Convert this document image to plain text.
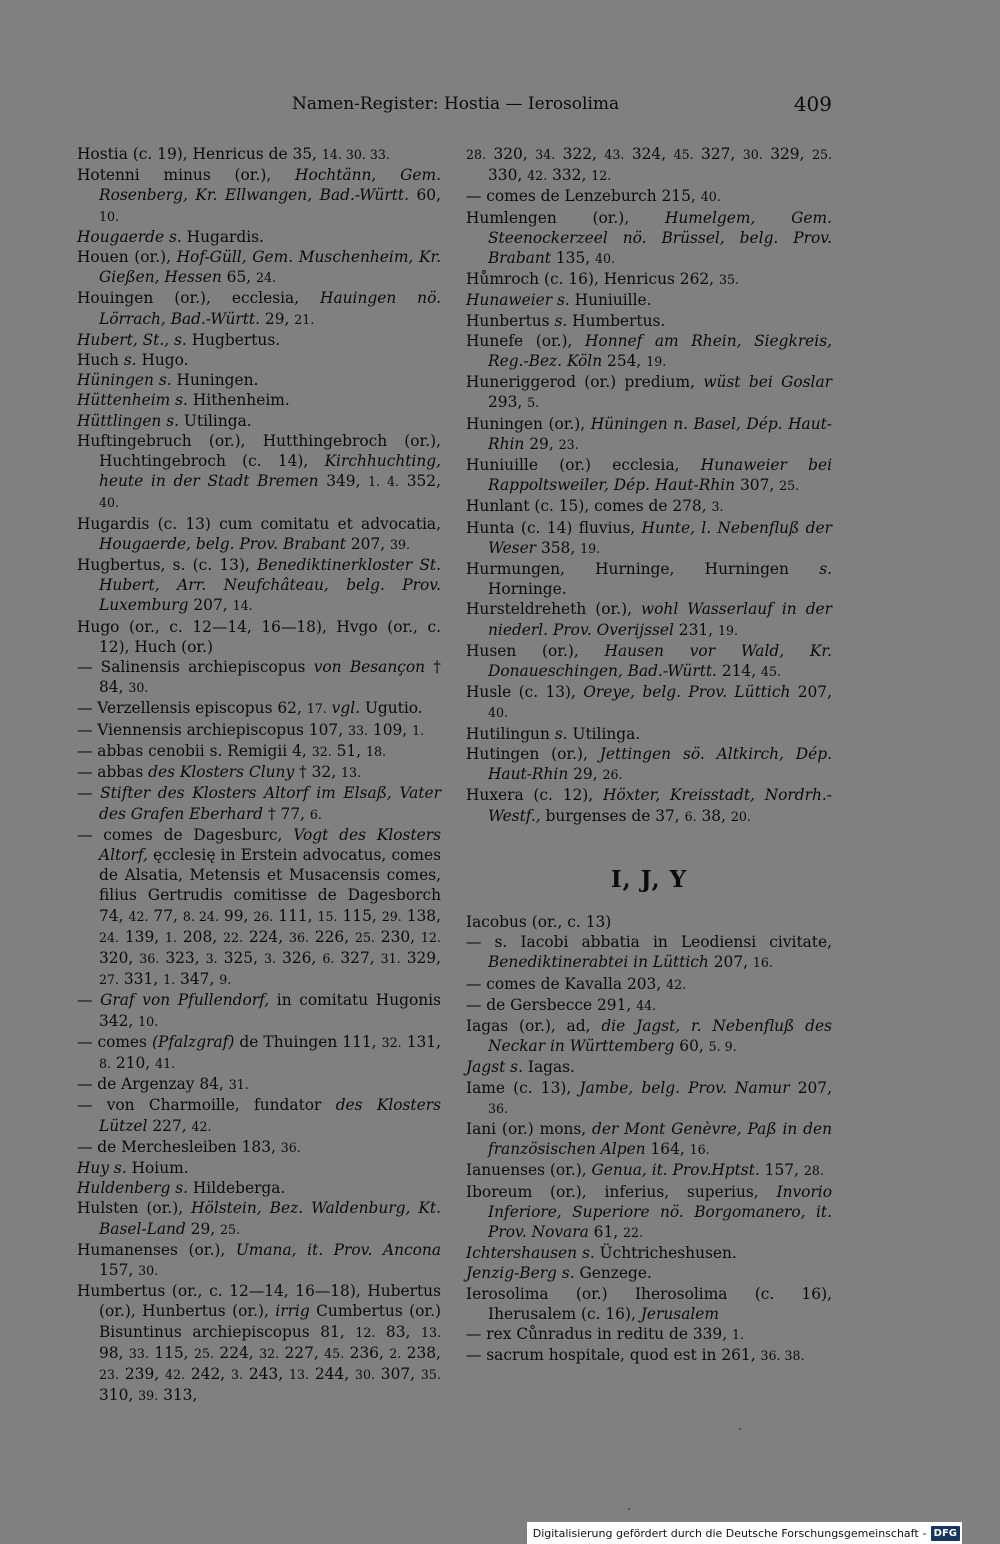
Namen-Register: Hostia — Ierosolima	409

Hostia (c. 19), Henricus de 35, 14. 30. 33.

Hotenni minus (or.), Hochtänn, Gem. Rosenberg, Kr. Ellwangen, Bad.-Württ. 60, 10.

Hougaerde s. Hugardis.

Houen (or.), Hof-Güll, Gem. Muschenheim, Kr. Gießen, Hessen 65, 24.

Houingen (or.), ecclesia, Hauingen nö. Lörrach, Bad.-Württ. 29, 21.

Hubert, St., s. Hugbertus.

Huch s. Hugo.

Hüningen s. Huningen.

Hüttenheim s. Hithenheim.

Hüttlingen s. Utilinga.

Huftingebruch (or.), Hutthingebroch (or.), Huchtingebroch (c. 14), Kirchhuchting, heute in der Stadt Bremen 349, 1. 4. 352, 40.

Hugardis (c. 13) cum comitatu et advocatia, Hougaerde, belg. Prov. Brabant 207, 39.

Hugbertus, s. (c. 13), Benediktinerkloster St. Hubert, Arr. Neufchâteau, belg. Prov. Luxemburg 207, 14.

Hugo (or., c. 12—14, 16—18), Hvgo (or., c. 12), Huch (or.)

— Salinensis archiepiscopus von Besançon † 84, 30.

— Verzellensis episcopus 62, 17. vgl. Ugutio.

— Viennensis archiepiscopus 107, 33. 109, 1.

— abbas cenobii s. Remigii 4, 32. 51, 18.

— abbas des Klosters Cluny † 32, 13.

— Stifter des Klosters Altorf im Elsaß, Vater des Grafen Eberhard † 77, 6.

— comes de Dagesburc, Vogt des Klosters Altorf, ęcclesię in Erstein advocatus, comes de Alsatia, Metensis et Musacensis comes, filius Gertrudis comitisse de Dagesborch 74, 42. 77, 8. 24. 99, 26. 111, 15. 115, 29. 138, 24. 139, 1. 208, 22. 224, 36. 226, 25. 230, 12. 320, 36. 323, 3. 325, 3. 326, 6. 327, 31. 329, 27. 331, 1. 347, 9.

— Graf von Pfullendorf, in comitatu Hugonis 342, 10.

— comes (Pfalzgraf) de Thuingen 111, 32. 131, 8. 210, 41.

— de Argenzay 84, 31.

— von Charmoille, fundator des Klosters Lützel 227, 42.

— de Merchesleiben 183, 36.

Huy s. Hoium.

Huldenberg s. Hildeberga.

Hulsten (or.), Hölstein, Bez. Waldenburg, Kt. Basel-Land 29, 25.

Humanenses (or.), Umana, it. Prov. Ancona 157, 30.

Humbertus (or., c. 12—14, 16—18), Hubertus (or.), Hunbertus (or.), irrig Cumbertus (or.) Bisuntinus archiepiscopus 81, 12. 83, 13. 98, 33. 115, 25. 224, 32. 227, 45. 236, 2. 238, 23. 239, 42. 242, 3. 243, 13. 244, 30. 307, 35. 310, 39. 313,

28. 320, 34. 322, 43. 324, 45. 327, 30. 329, 25. 330, 42. 332, 12.

— comes de Lenzeburch 215, 40.

Humlengen (or.), Humelgem, Gem. Steenockerzeel nö. Brüssel, belg. Prov. Brabant 135, 40.

Hůmroch (c. 16), Henricus 262, 35.

Hunaweier s. Huniuille.

Hunbertus s. Humbertus.

Hunefe (or.), Honnef am Rhein, Siegkreis, Reg.-Bez. Köln 254, 19.

Huneriggerod (or.) predium, wüst bei Goslar 293, 5.

Huningen (or.), Hüningen n. Basel, Dép. Haut-Rhin 29, 23.

Huniuille (or.) ecclesia, Hunaweier bei Rappoltsweiler, Dép. Haut-Rhin 307, 25.

Hunlant (c. 15), comes de 278, 3.

Hunta (c. 14) fluvius, Hunte, l. Nebenfluß der Weser 358, 19.

Hurmungen, Hurninge, Hurningen s. Horninge.

Hursteldreheth (or.), wohl Wasserlauf in der niederl. Prov. Overijssel 231, 19.

Husen (or.), Hausen vor Wald, Kr. Donaueschingen, Bad.-Württ. 214, 45.

Husle (c. 13), Oreye, belg. Prov. Lüttich 207, 40.

Hutilingun s. Utilinga.

Hutingen (or.), Jettingen sö. Altkirch, Dép. Haut-Rhin 29, 26.

Huxera (c. 12), Höxter, Kreisstadt, Nordrh.-Westf., burgenses de 37, 6. 38, 20.

I, J, Y

Iacobus (or., c. 13)

— s. Iacobi abbatia in Leodiensi civitate, Benediktinerabtei in Lüttich 207, 16.

— comes de Kavalla 203, 42.

— de Gersbecce 291, 44.

Iagas (or.), ad, die Jagst, r. Nebenfluß des Neckar in Württemberg 60, 5. 9.

Jagst s. Iagas.

Iame (c. 13), Jambe, belg. Prov. Namur 207, 36.

Iani (or.) mons, der Mont Genèvre, Paß in den französischen Alpen 164, 16.

Ianuenses (or.), Genua, it. Prov.Hptst. 157, 28.

Iboreum (or.), inferius, superius, Invorio Inferiore, Superiore nö. Borgomanero, it. Prov. Novara 61, 22.

Ichtershausen s. Üchtricheshusen.

Jenzig-Berg s. Genzege.

Ierosolima (or.) Iherosolima (c. 16), Iherusalem (c. 16), Jerusalem

— rex Cůnradus in reditu de 339, 1.

— sacrum hospitale, quod est in 261, 36. 38.

Digitalisierung gefördert durch die Deutsche Forschungsgemeinschaft - DFG
